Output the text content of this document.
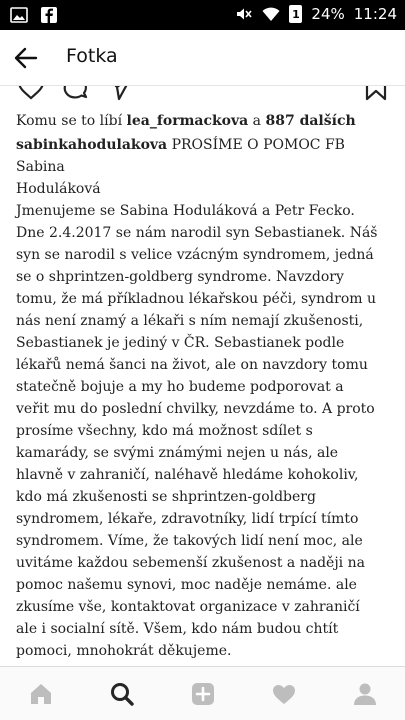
1 24% 11:24
Fotka
Komu se to líbí lea_formackova a 887 dalších
sabinkahodulakova PROSÍME O POMOC FB Sabina
Hoduláková
Jmenujeme se Sabina Hoduláková a Petr Fecko.
Dne 2.4.2017 se nám narodil syn Sebastianek. Náš
syn se narodil s velice vzácným syndromem, jedná
se o shprintzen-goldberg syndrome. Navzdory
tomu, že má příkladnou lékařskou péči, syndrom u
nás není znamý a lékaři s ním nemají zkušenosti,
Sebastianek je jediný v ČR. Sebastianek podle
lékařů nemá šanci na život, ale on navzdory tomu
statečně bojuje a my ho budeme podporovat a
veřit mu do poslední chvilky, nevzdáme to. A proto
prosíme všechny, kdo má možnost sdílet s
kamarády, se svými známými nejen u nás, ale
hlavně v zahraničí, naléhavě hledáme kohokoliv,
kdo má zkušenosti se shprintzen-goldberg
syndromem, lékaře, zdravotníky, lidí trpící tímto
syndromem. Víme, že takových lidí není moc, ale
uvitáme každou sebemenší zkušenost a naději na
pomoc našemu synovi, moc naděje nemáme. ale
zkusíme vše, kontaktovat organizace v zahraničí
ale i socialní sítě. Všem, kdo nám budou chtít
pomoci, mnohokrát děkujeme.
